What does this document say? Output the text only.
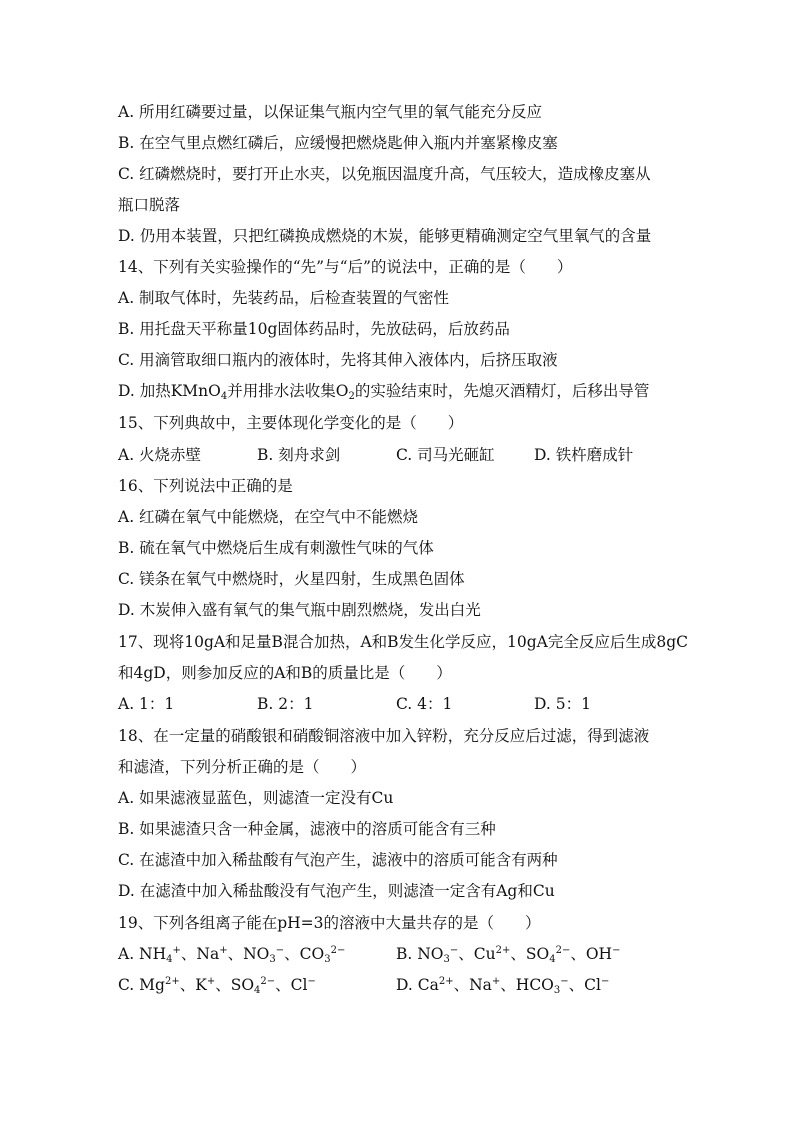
A. 所用红磷要过量，以保证集气瓶内空气里的氧气能充分反应
B. 在空气里点燃红磷后，应缓慢把燃烧匙伸入瓶内并塞紧橡皮塞
C. 红磷燃烧时，要打开止水夹，以免瓶因温度升高，气压较大，造成橡皮塞从
瓶口脱落
D. 仍用本装置，只把红磷换成燃烧的木炭，能够更精确测定空气里氧气的含量
14、下列有关实验操作的“先”与“后”的说法中，正确的是（　　）
A. 制取气体时，先装药品，后检查装置的气密性
B. 用托盘天平称量10g固体药品时，先放砝码，后放药品
C. 用滴管取细口瓶内的液体时，先将其伸入液体内，后挤压取液
D. 加热KMnO$_4$并用排水法收集$O_2$的实验结束时，先熄灭酒精灯，后移出导管
15、下列典故中，主要体现化学变化的是（　　）
A. 火烧赤壁	B. 刻舟求剑	C. 司马光砸缸	D. 铁杵磨成针
16、下列说法中正确的是
A. 红磷在氧气中能燃烧，在空气中不能燃烧
B. 硫在氧气中燃烧后生成有刺激性气味的气体
C. 镁条在氧气中燃烧时，火星四射，生成黑色固体
D. 木炭伸入盛有氧气的集气瓶中剧烈燃烧，发出白光
17、现将10gA和足量B混合加热，A和B发生化学反应，10gA完全反应后生成8gC
和4gD，则参加反应的A和B的质量比是（　　）
A. 1：1	B. 2：1	C. 4：1	D. 5：1
18、在一定量的硝酸银和硝酸铜溶液中加入锌粉，充分反应后过滤，得到滤液
和滤渣，下列分析正确的是（　　）
A. 如果滤液显蓝色，则滤渣一定没有Cu
B. 如果滤渣只含一种金属，滤液中的溶质可能含有三种
C. 在滤渣中加入稀盐酸有气泡产生，滤液中的溶质可能含有两种
D. 在滤渣中加入稀盐酸没有气泡产生，则滤渣一定含有Ag和Cu
19、下列各组离子能在pH=3的溶液中大量共存的是（　　）
A. $NH_4^+$、Na+、$NO_3^-$、$CO_3^{2-}$	B. $NO_3^-$、$Cu^{2+}$、$SO_4^{2-}$、OH−
C. $Mg^{2+}$、K+、$SO_4^{2-}$、Cl−	D. $Ca^{2+}$、Na+、$HCO_3^-$、Cl−
